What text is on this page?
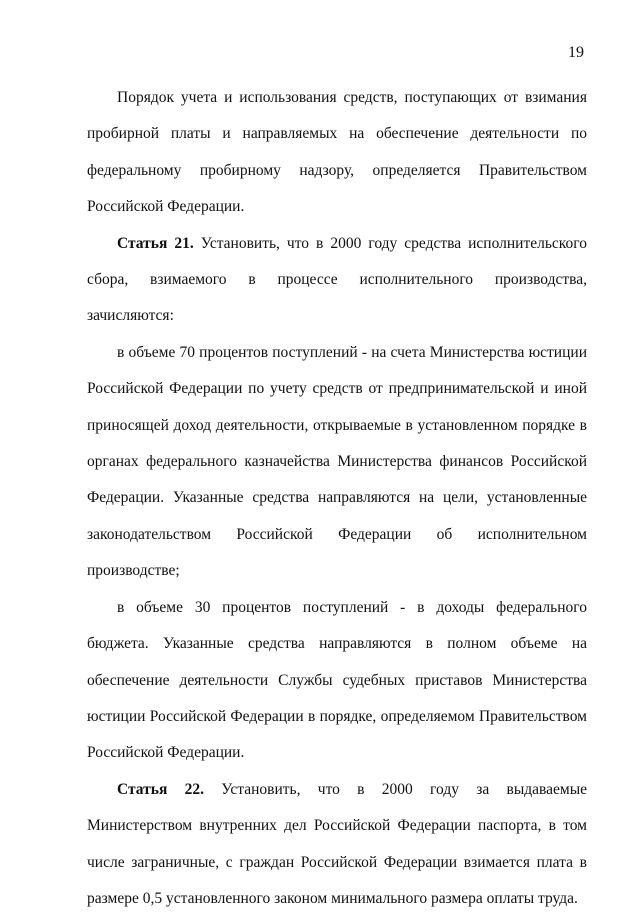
19

Порядок учета и использования средств, поступающих от взимания пробирной платы и направляемых на обеспечение деятельности по федеральному пробирному надзору, определяется Правительством Российской Федерации.

Статья 21. Установить, что в 2000 году средства исполнительского сбора, взимаемого в процессе исполнительного производства, зачисляются:

в объеме 70 процентов поступлений - на счета Министерства юстиции Российской Федерации по учету средств от предпринимательской и иной приносящей доход деятельности, открываемые в установленном порядке в органах федерального казначейства Министерства финансов Российской Федерации. Указанные средства направляются на цели, установленные законодательством Российской Федерации об исполнительном производстве;

в объеме 30 процентов поступлений - в доходы федерального бюджета. Указанные средства направляются в полном объеме на обеспечение деятельности Службы судебных приставов Министерства юстиции Российской Федерации в порядке, определяемом Правительством Российской Федерации.

Статья 22. Установить, что в 2000 году за выдаваемые Министерством внутренних дел Российской Федерации паспорта, в том числе заграничные, с граждан Российской Федерации взимается плата в размере 0,5 установленного законом минимального размера оплаты труда.
